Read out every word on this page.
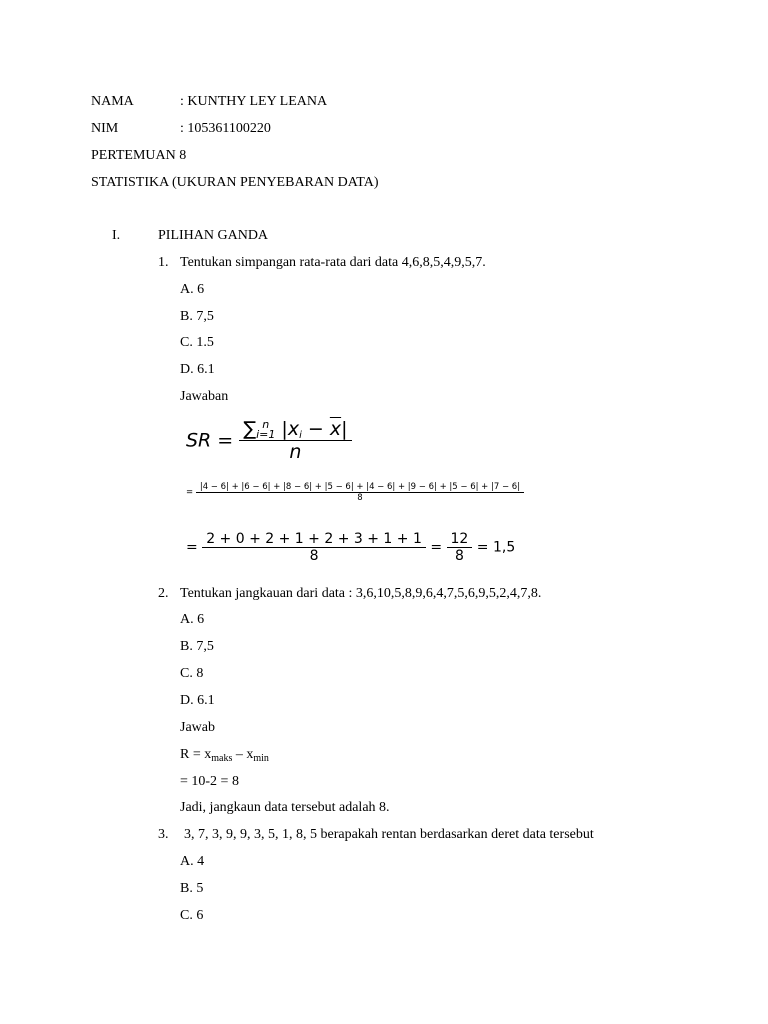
NAMA	: KUNTHY LEY LEANA
NIM	: 105361100220
PERTEMUAN 8
STATISTIKA (UKURAN PENYEBARAN DATA)
I.	PILIHAN GANDA
1. Tentukan simpangan rata-rata dari data 4,6,8,5,4,9,5,7.
A. 6
B. 7,5
C. 1.5
D. 6.1
Jawaban
SR = ∑ n
i=1 $|xi - \overline{x}|$
n
=
|4 − 6| + |6 − 6| + |8 − 6| + |5 − 6| + |4 − 6| + |9 − 6| + |5 − 6| + |7 − 6|
8
= $\frac{2 + 0 + 2 + 1 + 2 + 3 + 1 + 1}{8} = \frac{12}{8} = 1,5$
2. Tentukan jangkauan dari data : 3,6,10,5,8,9,6,4,7,5,6,9,5,2,4,7,8.
A. 6
B. 7,5
C. 8
D. 6.1
Jawab
$R = x_{maks} - x_{min}$
= 10-2 = 8
Jadi, jangkaun data tersebut adalah 8.
3. 3, 7, 3, 9, 9, 3, 5, 1, 8, 5 berapakah rentan berdasarkan deret data tersebut
A. 4
B. 5
C. 6
